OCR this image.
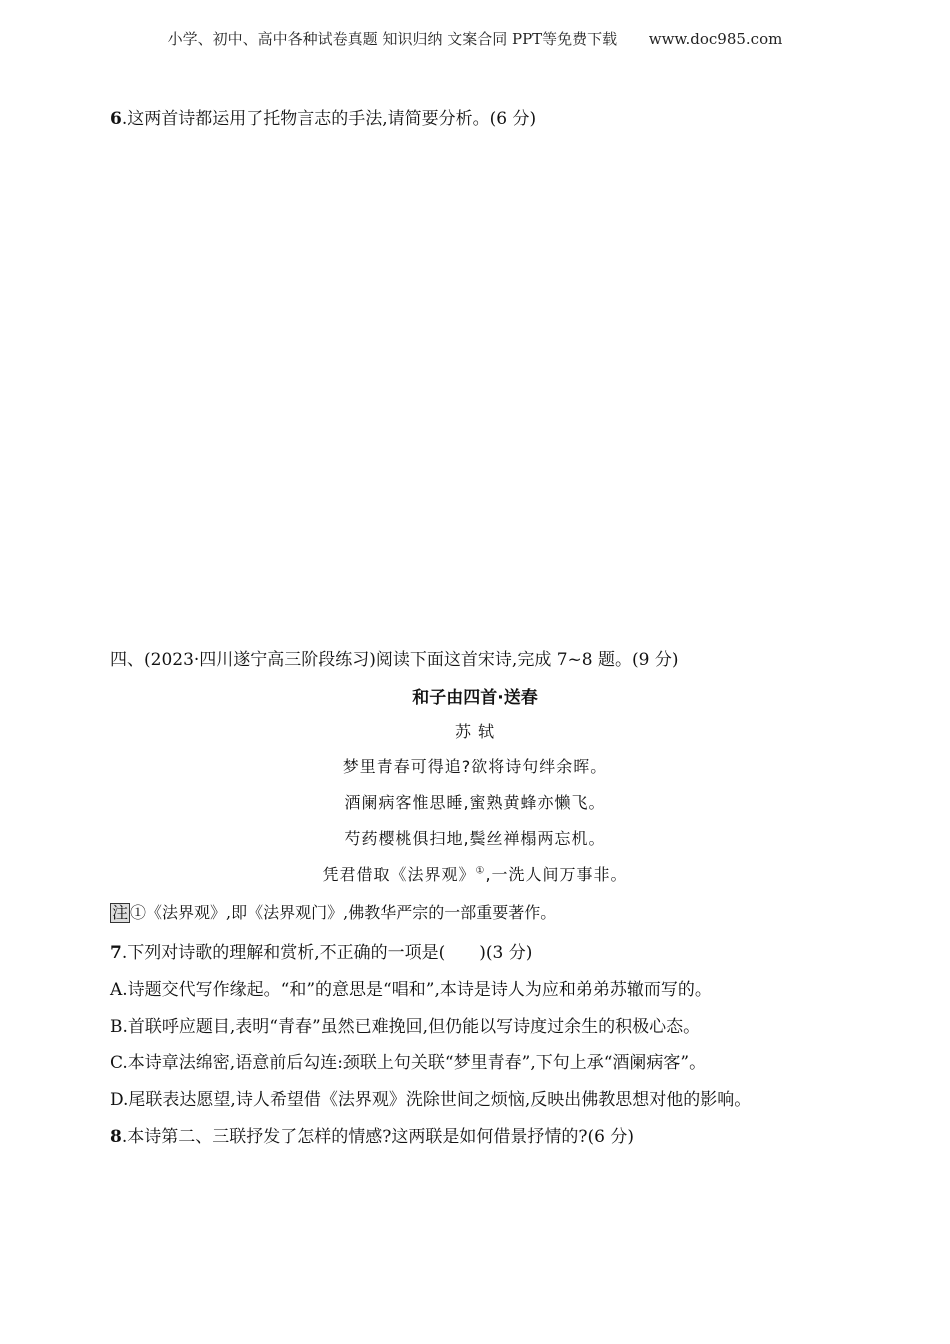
小学、初中、高中各种试卷真题 知识归纳 文案合同 PPT等免费下载 www.doc985.com
6.这两首诗都运用了托物言志的手法,请简要分析。(6 分)
四、(2023·四川遂宁高三阶段练习)阅读下面这首宋诗,完成 7~8 题。(9 分)
和子由四首·送春
苏 轼
梦里青春可得追?欲将诗句绊余晖。
酒阑病客惟思睡,蜜熟黄蜂亦懒飞。
芍药樱桃俱扫地,鬓丝禅榻两忘机。
凭君借取《法界观》①,一洗人间万事非。
注 ①《法界观》,即《法界观门》,佛教华严宗的一部重要著作。
7.下列对诗歌的理解和赏析,不正确的一项是(　　)(3 分)
A.诗题交代写作缘起。“和”的意思是“唱和”,本诗是诗人为应和弟弟苏辙而写的。
B.首联呼应题目,表明“青春”虽然已难挽回,但仍能以写诗度过余生的积极心态。
C.本诗章法绵密,语意前后勾连:颈联上句关联“梦里青春”,下句上承“酒阑病客”。
D.尾联表达愿望,诗人希望借《法界观》洗除世间之烦恼,反映出佛教思想对他的影响。
8.本诗第二、三联抒发了怎样的情感?这两联是如何借景抒情的?(6 分)
